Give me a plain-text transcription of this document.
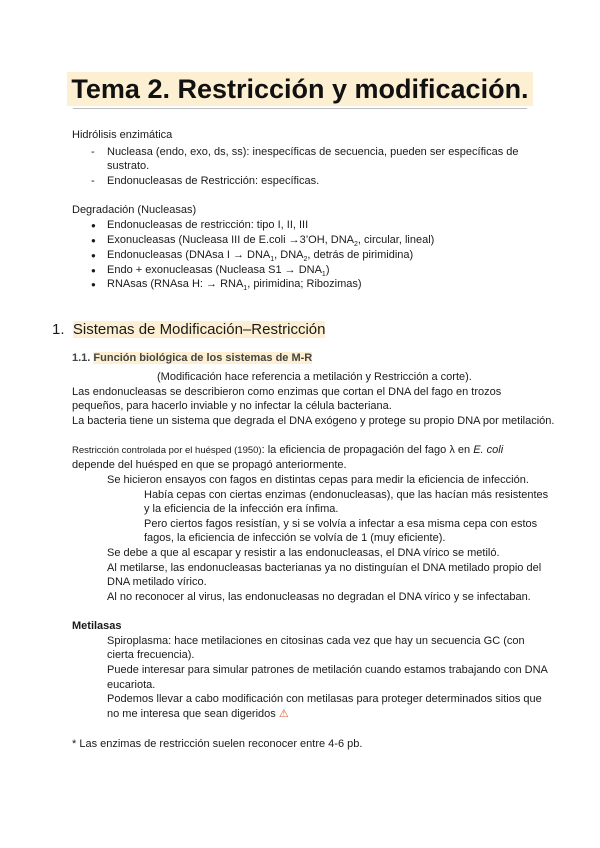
Tema 2. Restricción y modificación.
Hidrólisis enzimática
- Nucleasa (endo, exo, ds, ss): inespecíficas de secuencia, pueden ser específicas de
sustrato.
- Endonucleasas de Restricción: específicas.
Degradación (Nucleasas)
● Endonucleasas de restricción: tipo I, II, III
● Exonucleasas (Nucleasa III de E.coli →3’OH, $DNA_2$, circular, lineal)
● Endonucleasas (DNAsa $I \to DNA_1$, $DNA_2$, detrás de pirimidina)
● Endo + exonucleasas (Nucleasa $S1 \to DNA_1$)
● RNAsas (RNAsa H: → $RNA_1$, pirimidina; Ribozimas)
1. Sistemas de Modificación–Restricción
1.1. Función biológica de los sistemas de M-R
(Modificación hace referencia a metilación y Restricción a corte).
Las endonucleasas se describieron como enzimas que cortan el DNA del fago en trozos
pequeños, para hacerlo inviable y no infectar la célula bacteriana.
La bacteria tiene un sistema que degrada el DNA exógeno y protege su propio DNA por metilación.
Restricción controlada por el huésped (1950): la eficiencia de propagación del fago λ en E. coli
depende del huésped en que se propagó anteriormente.
Se hicieron ensayos con fagos en distintas cepas para medir la eficiencia de infección.
Había cepas con ciertas enzimas (endonucleasas), que las hacían más resistentes
y la eficiencia de la infección era ínfima.
Pero ciertos fagos resistían, y si se volvía a infectar a esa misma cepa con estos
fagos, la eficiencia de infección se volvía de 1 (muy eficiente).
Se debe a que al escapar y resistir a las endonucleasas, el DNA vírico se metiló.
Al metilarse, las endonucleasas bacterianas ya no distinguían el DNA metilado propio del
DNA metilado vírico.
Al no reconocer al virus, las endonucleasas no degradan el DNA vírico y se infectaban.
Metilasas
Spiroplasma: hace metilaciones en citosinas cada vez que hay un secuencia GC (con
cierta frecuencia).
Puede interesar para simular patrones de metilación cuando estamos trabajando con DNA
eucariota.
Podemos llevar a cabo modificación con metilasas para proteger determinados sitios que
no me interesa que sean digeridos ⚠
* Las enzimas de restricción suelen reconocer entre 4-6 pb.
